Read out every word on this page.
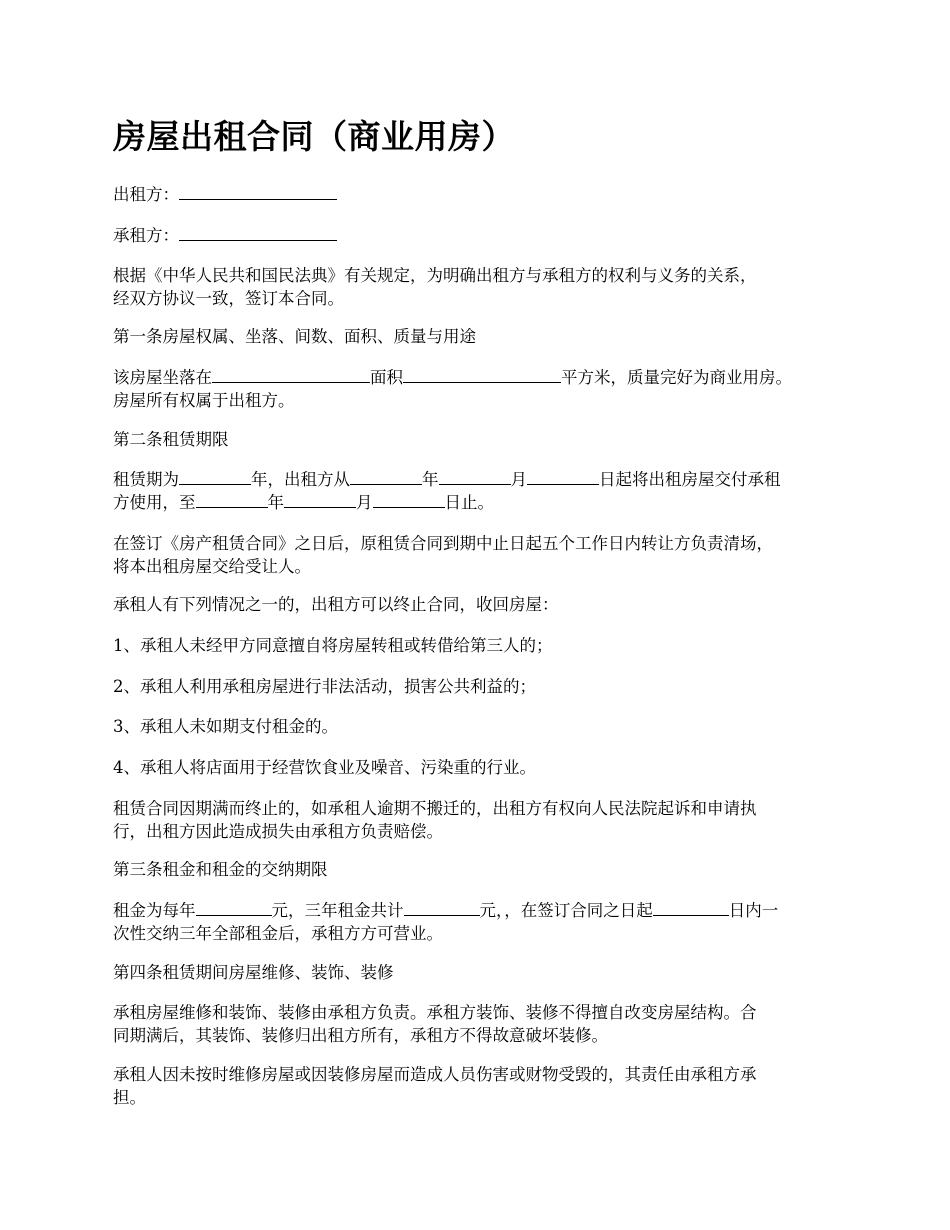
房屋出租合同（商业用房）

出租方：

承租方：

根据《中华人民共和国民法典》有关规定，为明确出租方与承租方的权利与义务的关系，
经双方协议一致，签订本合同。

第一条房屋权属、坐落、间数、面积、质量与用途

该房屋坐落在	面积	平方米，质量完好为商业用房。
房屋所有权属于出租方。

第二条租赁期限

租赁期为	年，出租方从	年	月	日起将出租房屋交付承租
方使用，至	年	月	日止。

在签订《房产租赁合同》之日后，原租赁合同到期中止日起五个工作日内转让方负责清场，
将本出租房屋交给受让人。

承租人有下列情况之一的，出租方可以终止合同，收回房屋：

1、承租人未经甲方同意擅自将房屋转租或转借给第三人的；

2、承租人利用承租房屋进行非法活动，损害公共利益的；

3、承租人未如期支付租金的。

4、承租人将店面用于经营饮食业及噪音、污染重的行业。

租赁合同因期满而终止的，如承租人逾期不搬迁的，出租方有权向人民法院起诉和申请执
行，出租方因此造成损失由承租方负责赔偿。

第三条租金和租金的交纳期限

租金为每年	元，三年租金共计	元，，在签订合同之日起	日内一
次性交纳三年全部租金后，承租方方可营业。

第四条租赁期间房屋维修、装饰、装修

承租房屋维修和装饰、装修由承租方负责。承租方装饰、装修不得擅自改变房屋结构。合
同期满后，其装饰、装修归出租方所有，承租方不得故意破坏装修。

承租人因未按时维修房屋或因装修房屋而造成人员伤害或财物受毁的，其责任由承租方承
担。
